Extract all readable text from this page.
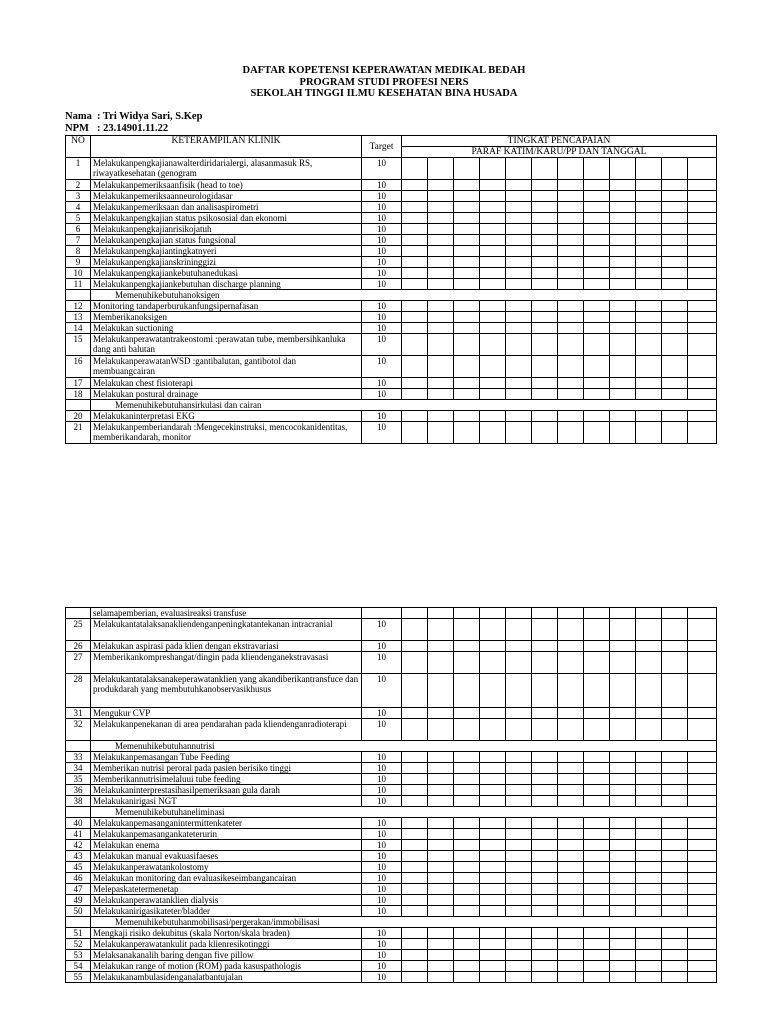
DAFTAR KOPETENSI KEPERAWATAN MEDIKAL BEDAH
PROGRAM STUDI PROFESI NERS
SEKOLAH TINGGI ILMU KESEHATAN BINA HUSADA
Nama : Tri Widya Sari, S.Kep
NPM : 23.14901.11.22
NO	KETERAMPILAN KLINIK	Target	TINGKAT PENCAPAIAN											
			PARAF KATIM/KARU/PP DAN TANGGAL											
1	Melakukanpengkajianawalterdiridarialergi, alasanmasuk RS, riwayatkesehatan (genogram	10												
2	Melakukanpemeriksaanfisik (head to toe)	10												
3	Melakukanpemeriksaanneurologidasar	10												
4	Melakukanpemeriksaan dan analisaspirometri	10												
5	Melakukanpengkajian status psikososial dan ekonomi	10												
6	Melakukanpengkajianrisikojatuh	10												
7	Melakukanpengkajian status fungsional	10												
8	Melakukanpengkajiantingkatnyeri	10												
9	Melakukanpengkajianskrininggizi	10												
10	Melakukanpengkajiankebutuhanedukasi	10												
11	Melakukanpengkajiankebutuhan discharge planning	10												
	Memenuhikebutuhanoksigen													
12	Monitoring tandaperburukanfungsipernafasan	10												
13	Memberikanoksigen	10												
14	Melakukan suctioning	10												
15	Melakukanperawatantrakeostomi :perawatan tube, membersihkanluka dang anti balutan	10												
16	MelakukanperawatanWSD :gantibalutan, gantibotol dan membuangcairan	10												
17	Melakukan chest fisioterapi	10												
18	Melakukan postural drainage	10												
	Memenuhikebutuhansirkulasi dan cairan													
20	Melakukaninterpretasi EKG	10												
21	Melakukanpemberiandarah :Mengecekinstruksi, mencocokanidentitas, memberikandarah, monitor	10												
	selamapemberian, evaluasireaksi transfuse													
25	Melakukantatalaksanakliendenganpeningkatantekanan intracranial	10												
26	Melakukan aspirasi pada klien dengan ekstravariasi	10												
27	Memberikankompreshangat/dingin pada kliendenganekstravasasi	10												
28	Melakukantatalaksanakeperawatanklien yang akandiberikantransfuce dan produkdarah yang membutuhkanobservasikhusus	10												
31	Mengukur CVP	10												
32	Melakukanpenekanan di area pendarahan pada kliendenganradioterapi	10												
	Memenuhikebutuhannutrisi													
33	Melakukanpemasangan Tube Feeding	10												
34	Memberikan nutrisi peroral pada pasien berisiko tinggi	10												
35	Memberikannutrisimelaluui tube feeding	10												
36	Melakukaninterprestasihasilpemeriksaan gula darah	10												
38	Melakukanirigasi NGT	10												
	Memenuhikebutuhaneliminasi													
40	Melakukanpemasanganintermittenkateter	10												
41	Melakukanpemasangankateterurin	10												
42	Melakukan enema	10												
43	Melakukan manual evakuasifaeses	10												
45	Melakukanperawatankolostomy	10												
46	Melakukan monitoring dan evaluasikeseimbangancairan	10												
47	Melepaskatetermenetap	10												
49	Melakukanperawatanklien dialysis	10												
50	Melakukanirigasikateter/bladder	10												
	Memenuhikebutuhanmobilisasi/pergerakan/immobilisasi													
51	Mengkaji risiko dekubitus (skala Norton/skala braden)	10												
52	Melakukanperawatankulit pada klienresikotinggi	10												
53	Melaksanakanalih baring dengan five pillow	10												
54	Melakukan range of motion (ROM) pada kasuspathologis	10												
55	Melakukanambulasidenganalatbantujalan	10												
